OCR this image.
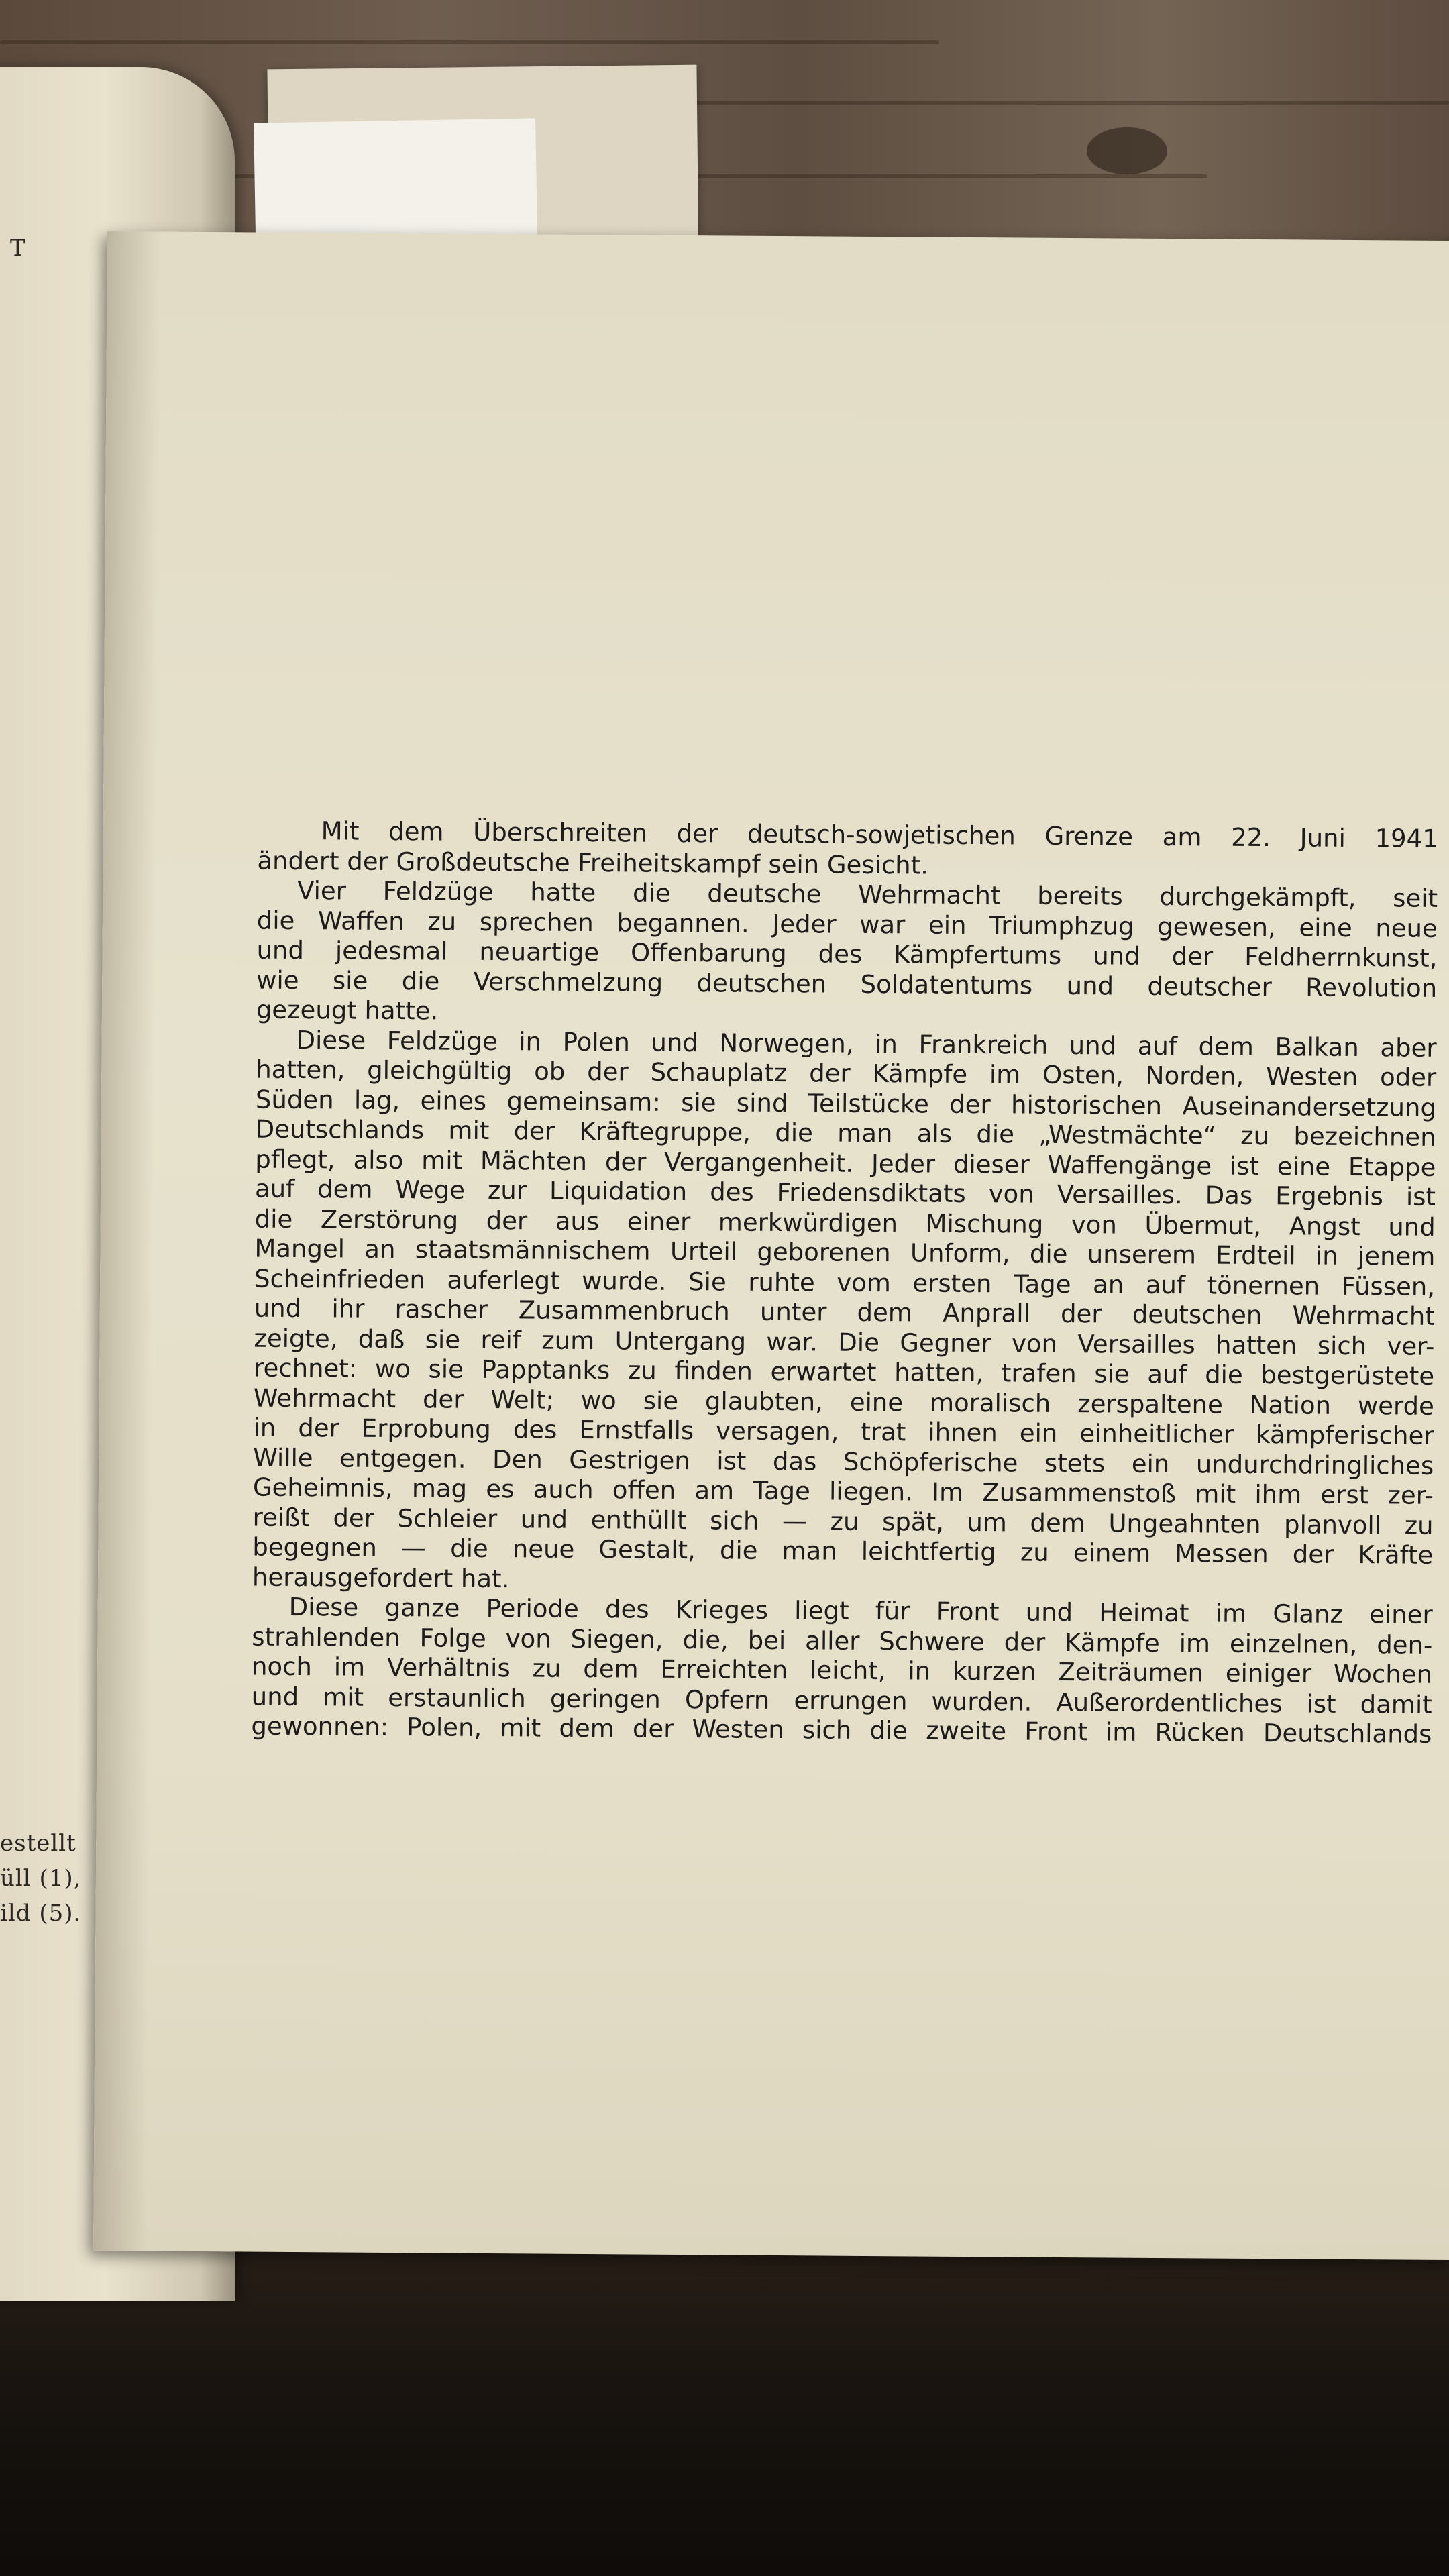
T
estellt
üll (1),
ild (5).
Mit dem Überschreiten der deutsch-sowjetischen Grenze am 22. Juni 1941
ändert der Großdeutsche Freiheitskampf sein Gesicht.
Vier Feldzüge hatte die deutsche Wehrmacht bereits durchgekämpft, seit
die Waffen zu sprechen begannen. Jeder war ein Triumphzug gewesen, eine neue
und jedesmal neuartige Offenbarung des Kämpfertums und der Feldherrnkunst,
wie sie die Verschmelzung deutschen Soldatentums und deutscher Revolution
gezeugt hatte.
Diese Feldzüge in Polen und Norwegen, in Frankreich und auf dem Balkan aber
hatten, gleichgültig ob der Schauplatz der Kämpfe im Osten, Norden, Westen oder
Süden lag, eines gemeinsam: sie sind Teilstücke der historischen Auseinandersetzung
Deutschlands mit der Kräftegruppe, die man als die „Westmächte“ zu bezeichnen
pflegt, also mit Mächten der Vergangenheit. Jeder dieser Waffengänge ist eine Etappe
auf dem Wege zur Liquidation des Friedensdiktats von Versailles. Das Ergebnis ist
die Zerstörung der aus einer merkwürdigen Mischung von Übermut, Angst und
Mangel an staatsmännischem Urteil geborenen Unform, die unserem Erdteil in jenem
Scheinfrieden auferlegt wurde. Sie ruhte vom ersten Tage an auf tönernen Füssen,
und ihr rascher Zusammenbruch unter dem Anprall der deutschen Wehrmacht
zeigte, daß sie reif zum Untergang war. Die Gegner von Versailles hatten sich ver-
rechnet: wo sie Papptanks zu finden erwartet hatten, trafen sie auf die bestgerüstete
Wehrmacht der Welt; wo sie glaubten, eine moralisch zerspaltene Nation werde
in der Erprobung des Ernstfalls versagen, trat ihnen ein einheitlicher kämpferischer
Wille entgegen. Den Gestrigen ist das Schöpferische stets ein undurchdringliches
Geheimnis, mag es auch offen am Tage liegen. Im Zusammenstoß mit ihm erst zer-
reißt der Schleier und enthüllt sich — zu spät, um dem Ungeahnten planvoll zu
begegnen — die neue Gestalt, die man leichtfertig zu einem Messen der Kräfte
herausgefordert hat.
Diese ganze Periode des Krieges liegt für Front und Heimat im Glanz einer
strahlenden Folge von Siegen, die, bei aller Schwere der Kämpfe im einzelnen, den-
noch im Verhältnis zu dem Erreichten leicht, in kurzen Zeiträumen einiger Wochen
und mit erstaunlich geringen Opfern errungen wurden. Außerordentliches ist damit
gewonnen: Polen, mit dem der Westen sich die zweite Front im Rücken Deutschlands
